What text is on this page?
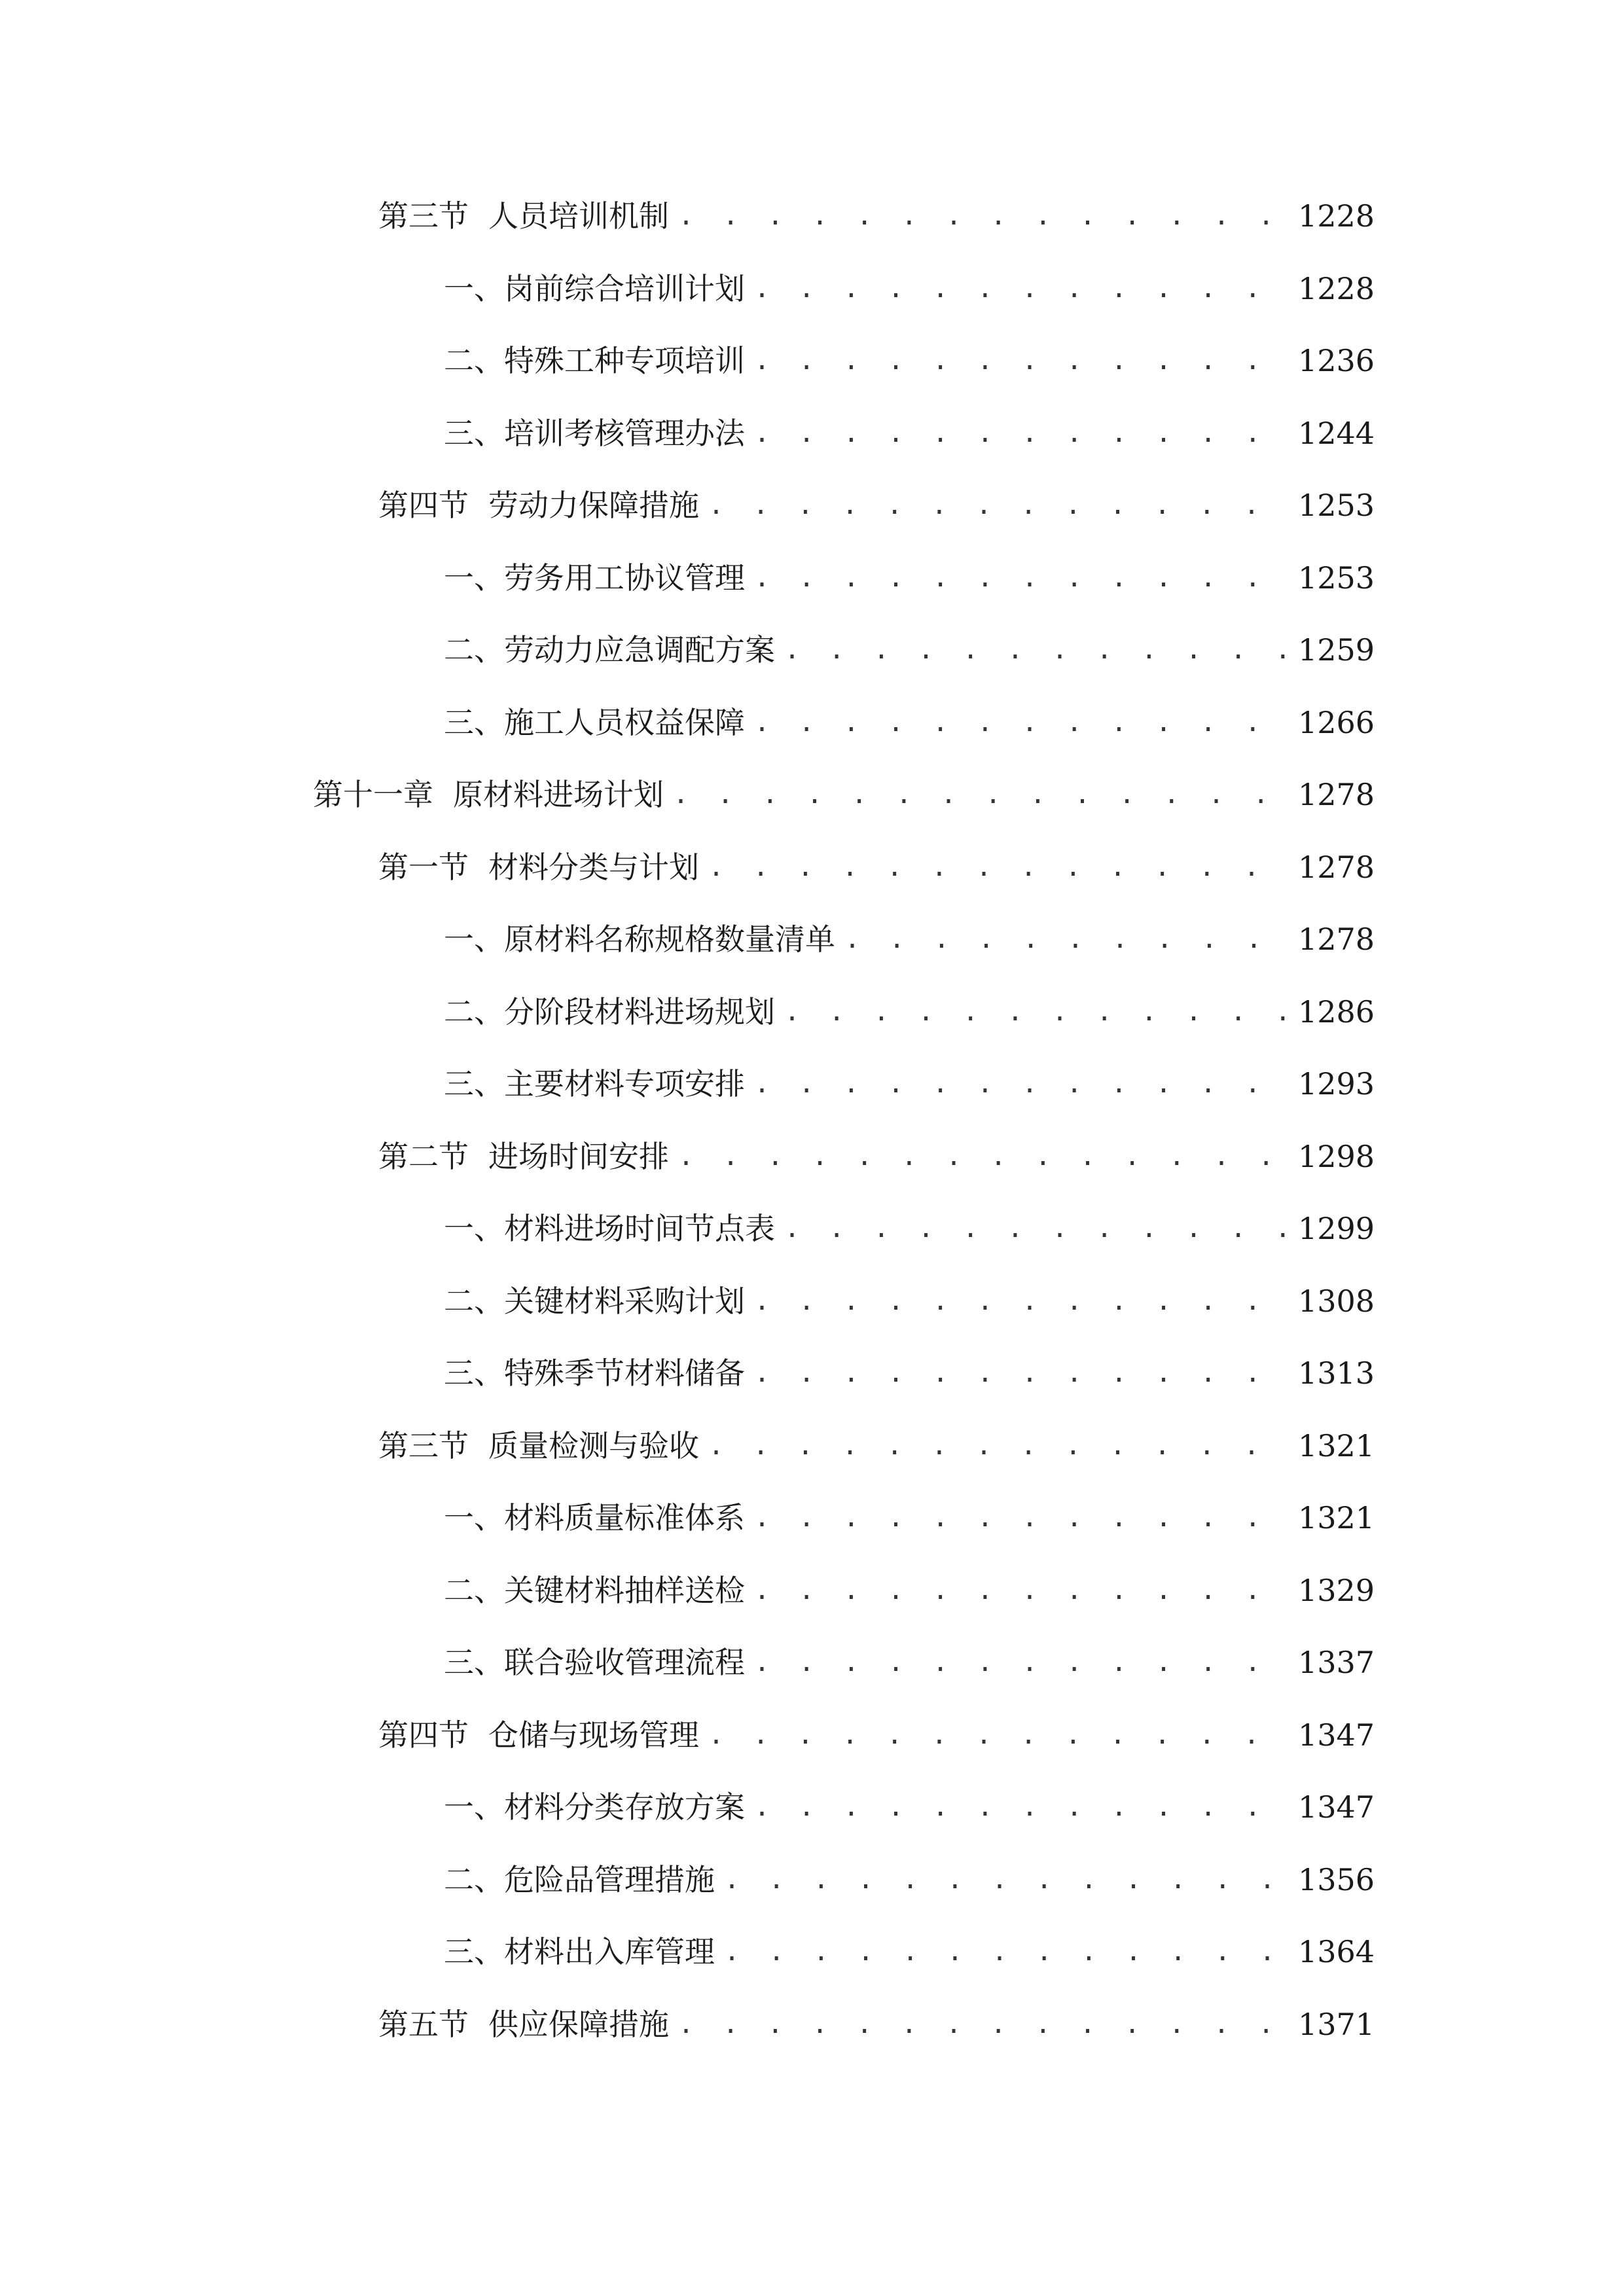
第三节 人员培训机制 . . .	1228
一、 岗前综合培训计划 . . .	1228
二、 特殊工种专项培训 . . .	1236
三、 培训考核管理办法 . . .	1244
第四节 劳动力保障措施 . . .	1253
一、 劳务用工协议管理 . . .	1253
二、 劳动力应急调配方案 . . .	1259
三、 施工人员权益保障 . . .	1266
第十一章 原材料进场计划 . . .	1278
第一节 材料分类与计划 . . .	1278
一、 原材料名称规格数量清单 . . .	1278
二、 分阶段材料进场规划 . . .	1286
三、 主要材料专项安排 . . .	1293
第二节 进场时间安排 . . .	1298
一、 材料进场时间节点表 . . .	1299
二、 关键材料采购计划 . . .	1308
三、 特殊季节材料储备 . . .	1313
第三节 质量检测与验收 . . .	1321
一、 材料质量标准体系 . . .	1321
二、 关键材料抽样送检 . . .	1329
三、 联合验收管理流程 . . .	1337
第四节 仓储与现场管理 . . .	1347
一、 材料分类存放方案 . . .	1347
二、 危险品管理措施 . . .	1356
三、 材料出入库管理 . . .	1364
第五节 供应保障措施 . . .	1371
